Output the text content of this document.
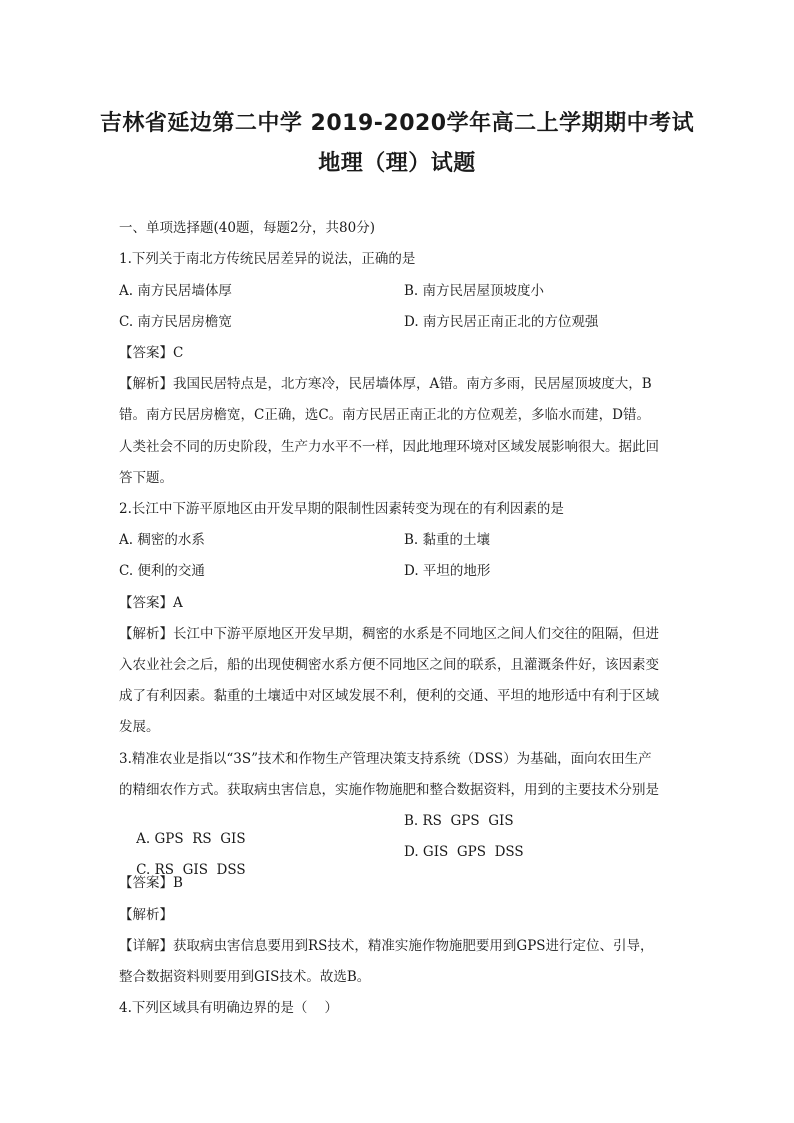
吉林省延边第二中学 2019-2020学年高二上学期期中考试
地理（理）试题
一、单项选择题(40题，每题2分，共80分)
1.下列关于南北方传统民居差异的说法，正确的是
A. 南方民居墙体厚	B. 南方民居屋顶坡度小
C. 南方民居房檐宽	D. 南方民居正南正北的方位观强
【答案】C
【解析】我国民居特点是，北方寒冷，民居墙体厚，A错。南方多雨，民居屋顶坡度大，B
错。南方民居房檐宽，C正确，选C。南方民居正南正北的方位观差，多临水而建，D错。
人类社会不同的历史阶段，生产力水平不一样，因此地理环境对区域发展影响很大。据此回
答下题。
2.长江中下游平原地区由开发早期的限制性因素转变为现在的有利因素的是
A. 稠密的水系	B. 黏重的土壤
C. 便利的交通	D. 平坦的地形
【答案】A
【解析】长江中下游平原地区开发早期，稠密的水系是不同地区之间人们交往的阻隔，但进
入农业社会之后，船的出现使稠密水系方便不同地区之间的联系，且灌溉条件好，该因素变
成了有利因素。黏重的土壤适中对区域发展不利，便利的交通、平坦的地形适中有利于区域
发展。
3.精准农业是指以“3S”技术和作物生产管理决策支持系统（DSS）为基础，面向农田生产
的精细农作方式。获取病虫害信息，实施作物施肥和整合数据资料，用到的主要技术分别是

A. GPS  RS  GIS

B. RS  GPS  GIS

C. RS  GIS  DSS

D. GIS  GPS  DSS

【答案】B
【解析】
【详解】获取病虫害信息要用到RS技术，精准实施作物施肥要用到GPS进行定位、引导，
整合数据资料则要用到GIS技术。故选B。
4.下列区域具有明确边界的是（    ）
